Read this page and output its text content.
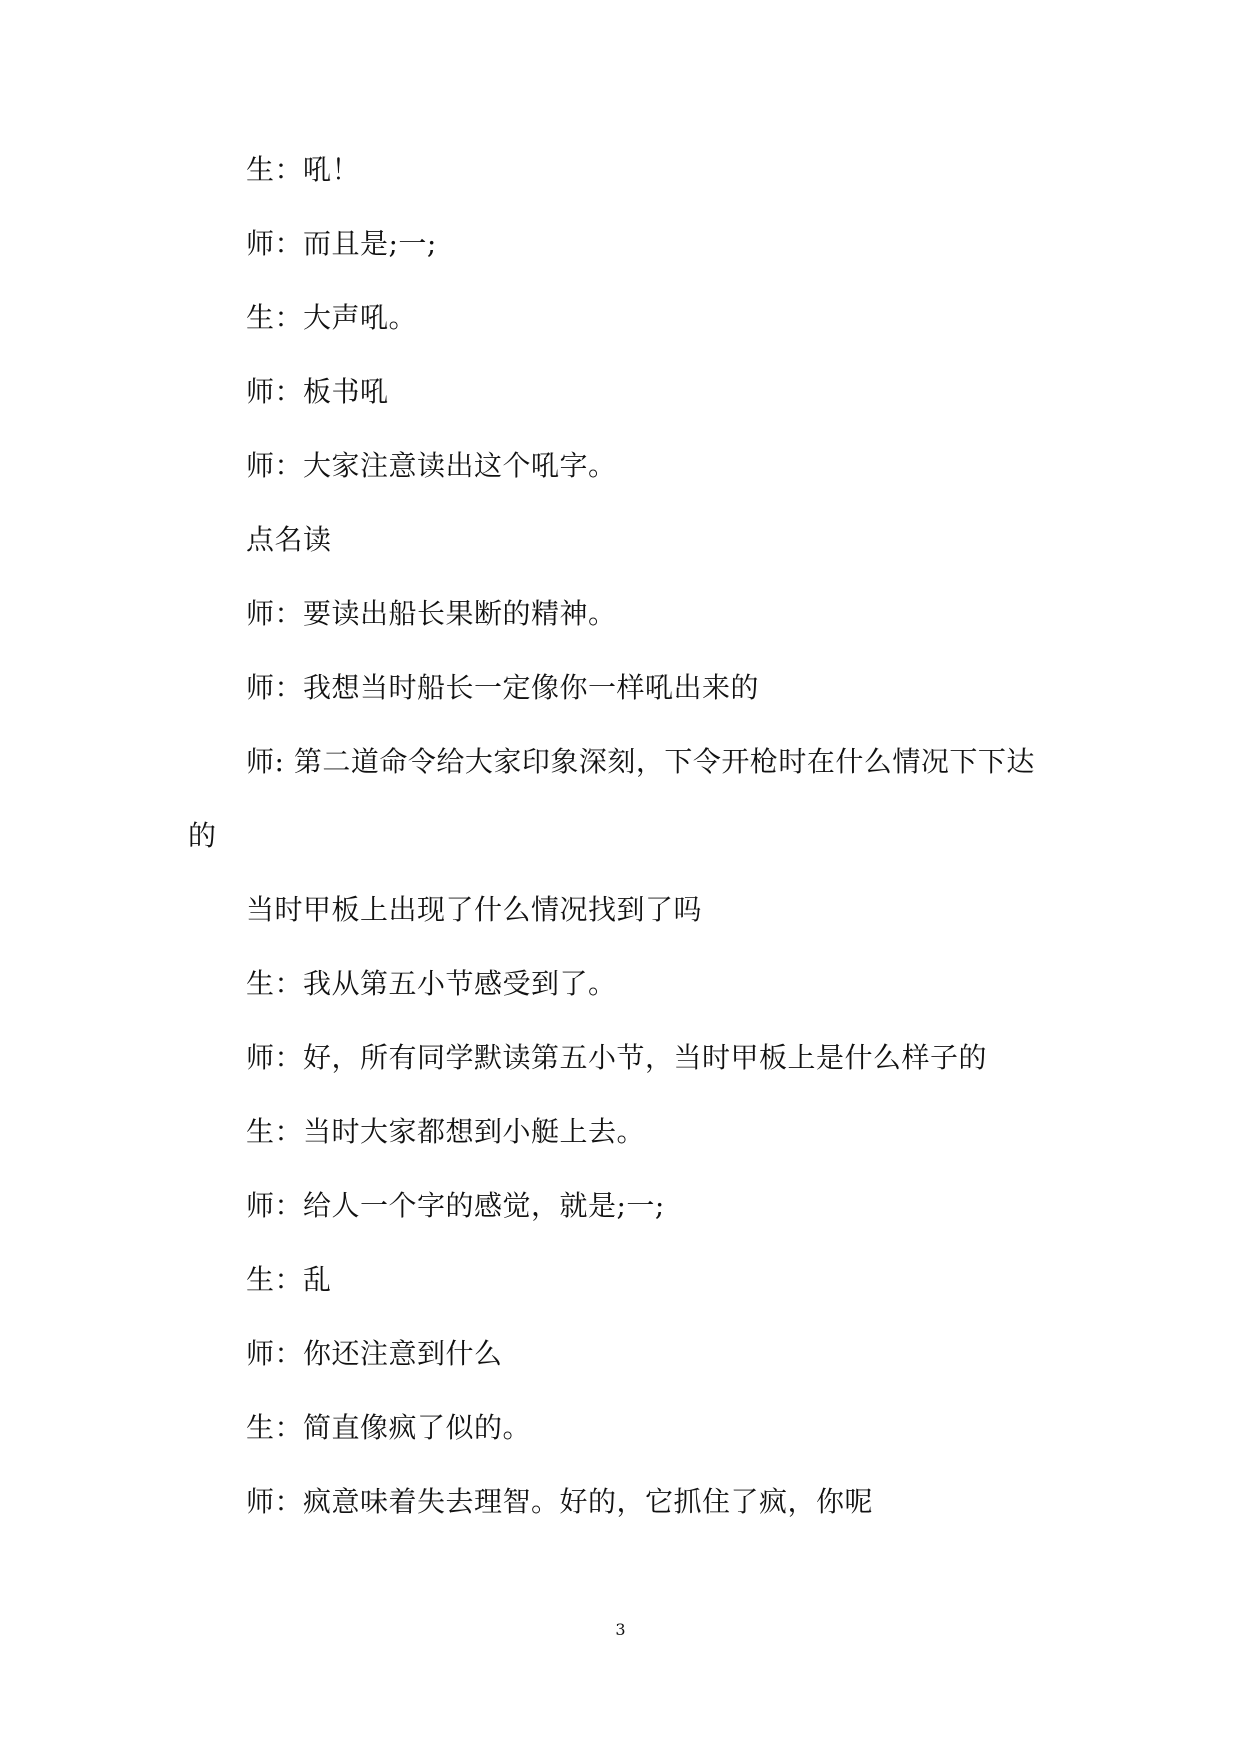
生：吼！
师：而且是;一;
生：大声吼。
师：板书吼
师：大家注意读出这个吼字。
点名读
师：要读出船长果断的精神。
师：我想当时船长一定像你一样吼出来的
师: 第二道命令给大家印象深刻，下令开枪时在什么情况下下达
的
当时甲板上出现了什么情况找到了吗
生：我从第五小节感受到了。
师：好，所有同学默读第五小节，当时甲板上是什么样子的
生：当时大家都想到小艇上去。
师：给人一个字的感觉，就是;一;
生：乱
师：你还注意到什么
生：简直像疯了似的。
师：疯意味着失去理智。好的，它抓住了疯，你呢
3
